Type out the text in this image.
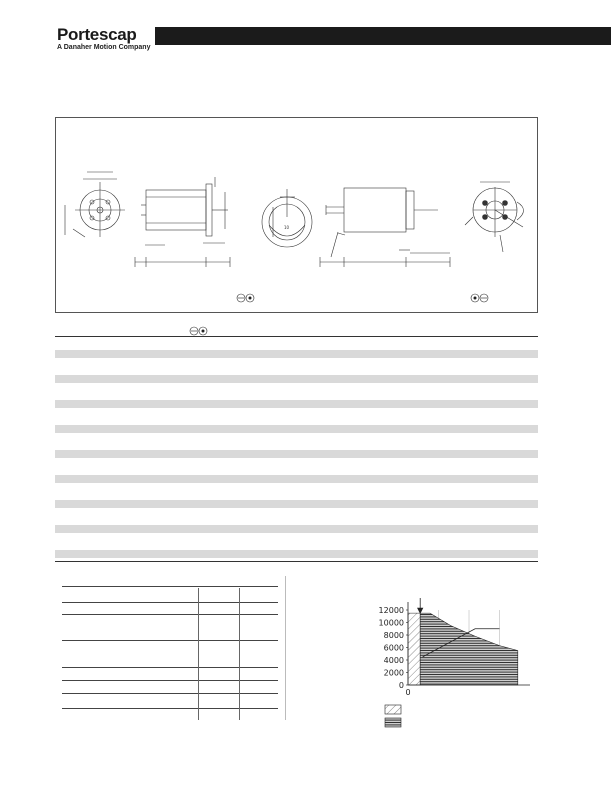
Portescap
A Danaher Motion Company
10
0
2000
4000
6000
8000
10000
12000
0
